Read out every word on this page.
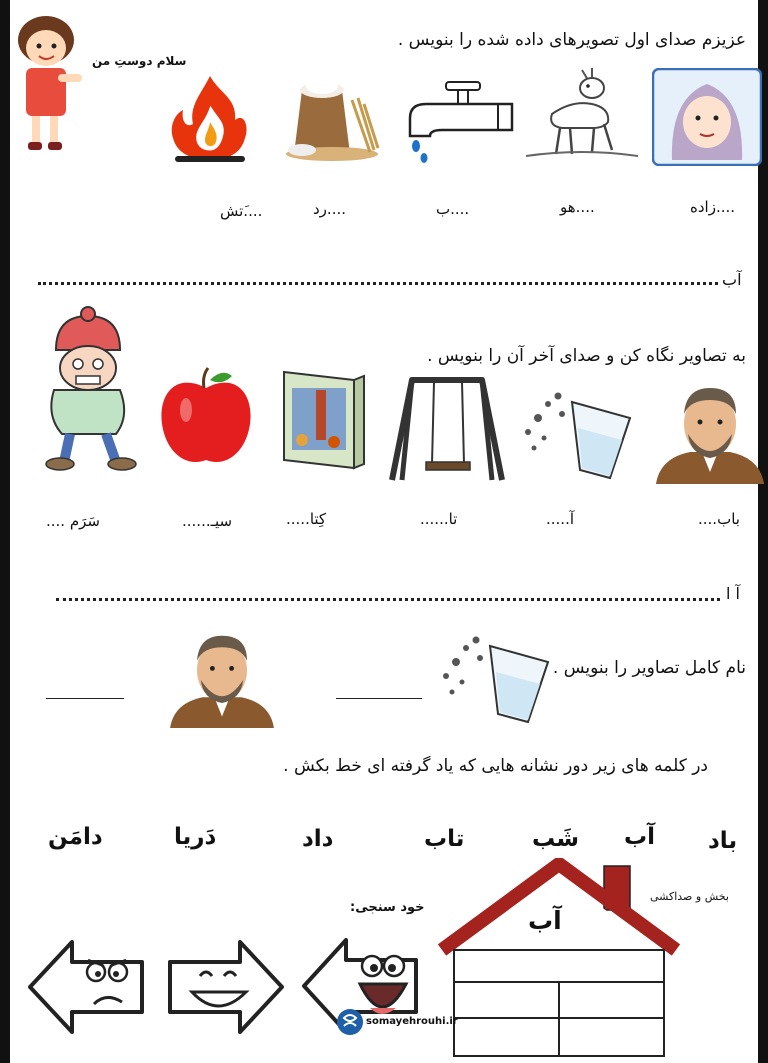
سلام دوستِ من
عزیزم صدای اول تصویرهای داده شده را بنویس .
....َتش	....رد	....ب	....هو	....زاده
آب
به تصاویر نگاه کن و صدای آخر آن را بنویس .
سَرَم ....	سیـ......	کِتا.....	تا......	آ.....	باب....
آ ا
نام کامل تصاویر را بنویس .
در کلمه های زیر دور نشانه هایی که یاد گرفته ای خط بکش .
باد
آب
شَب
تاب
داد
دَریا
دامَن
آب
بخش و صداکشی
خود سنجی:
somayehrouhi.ir
